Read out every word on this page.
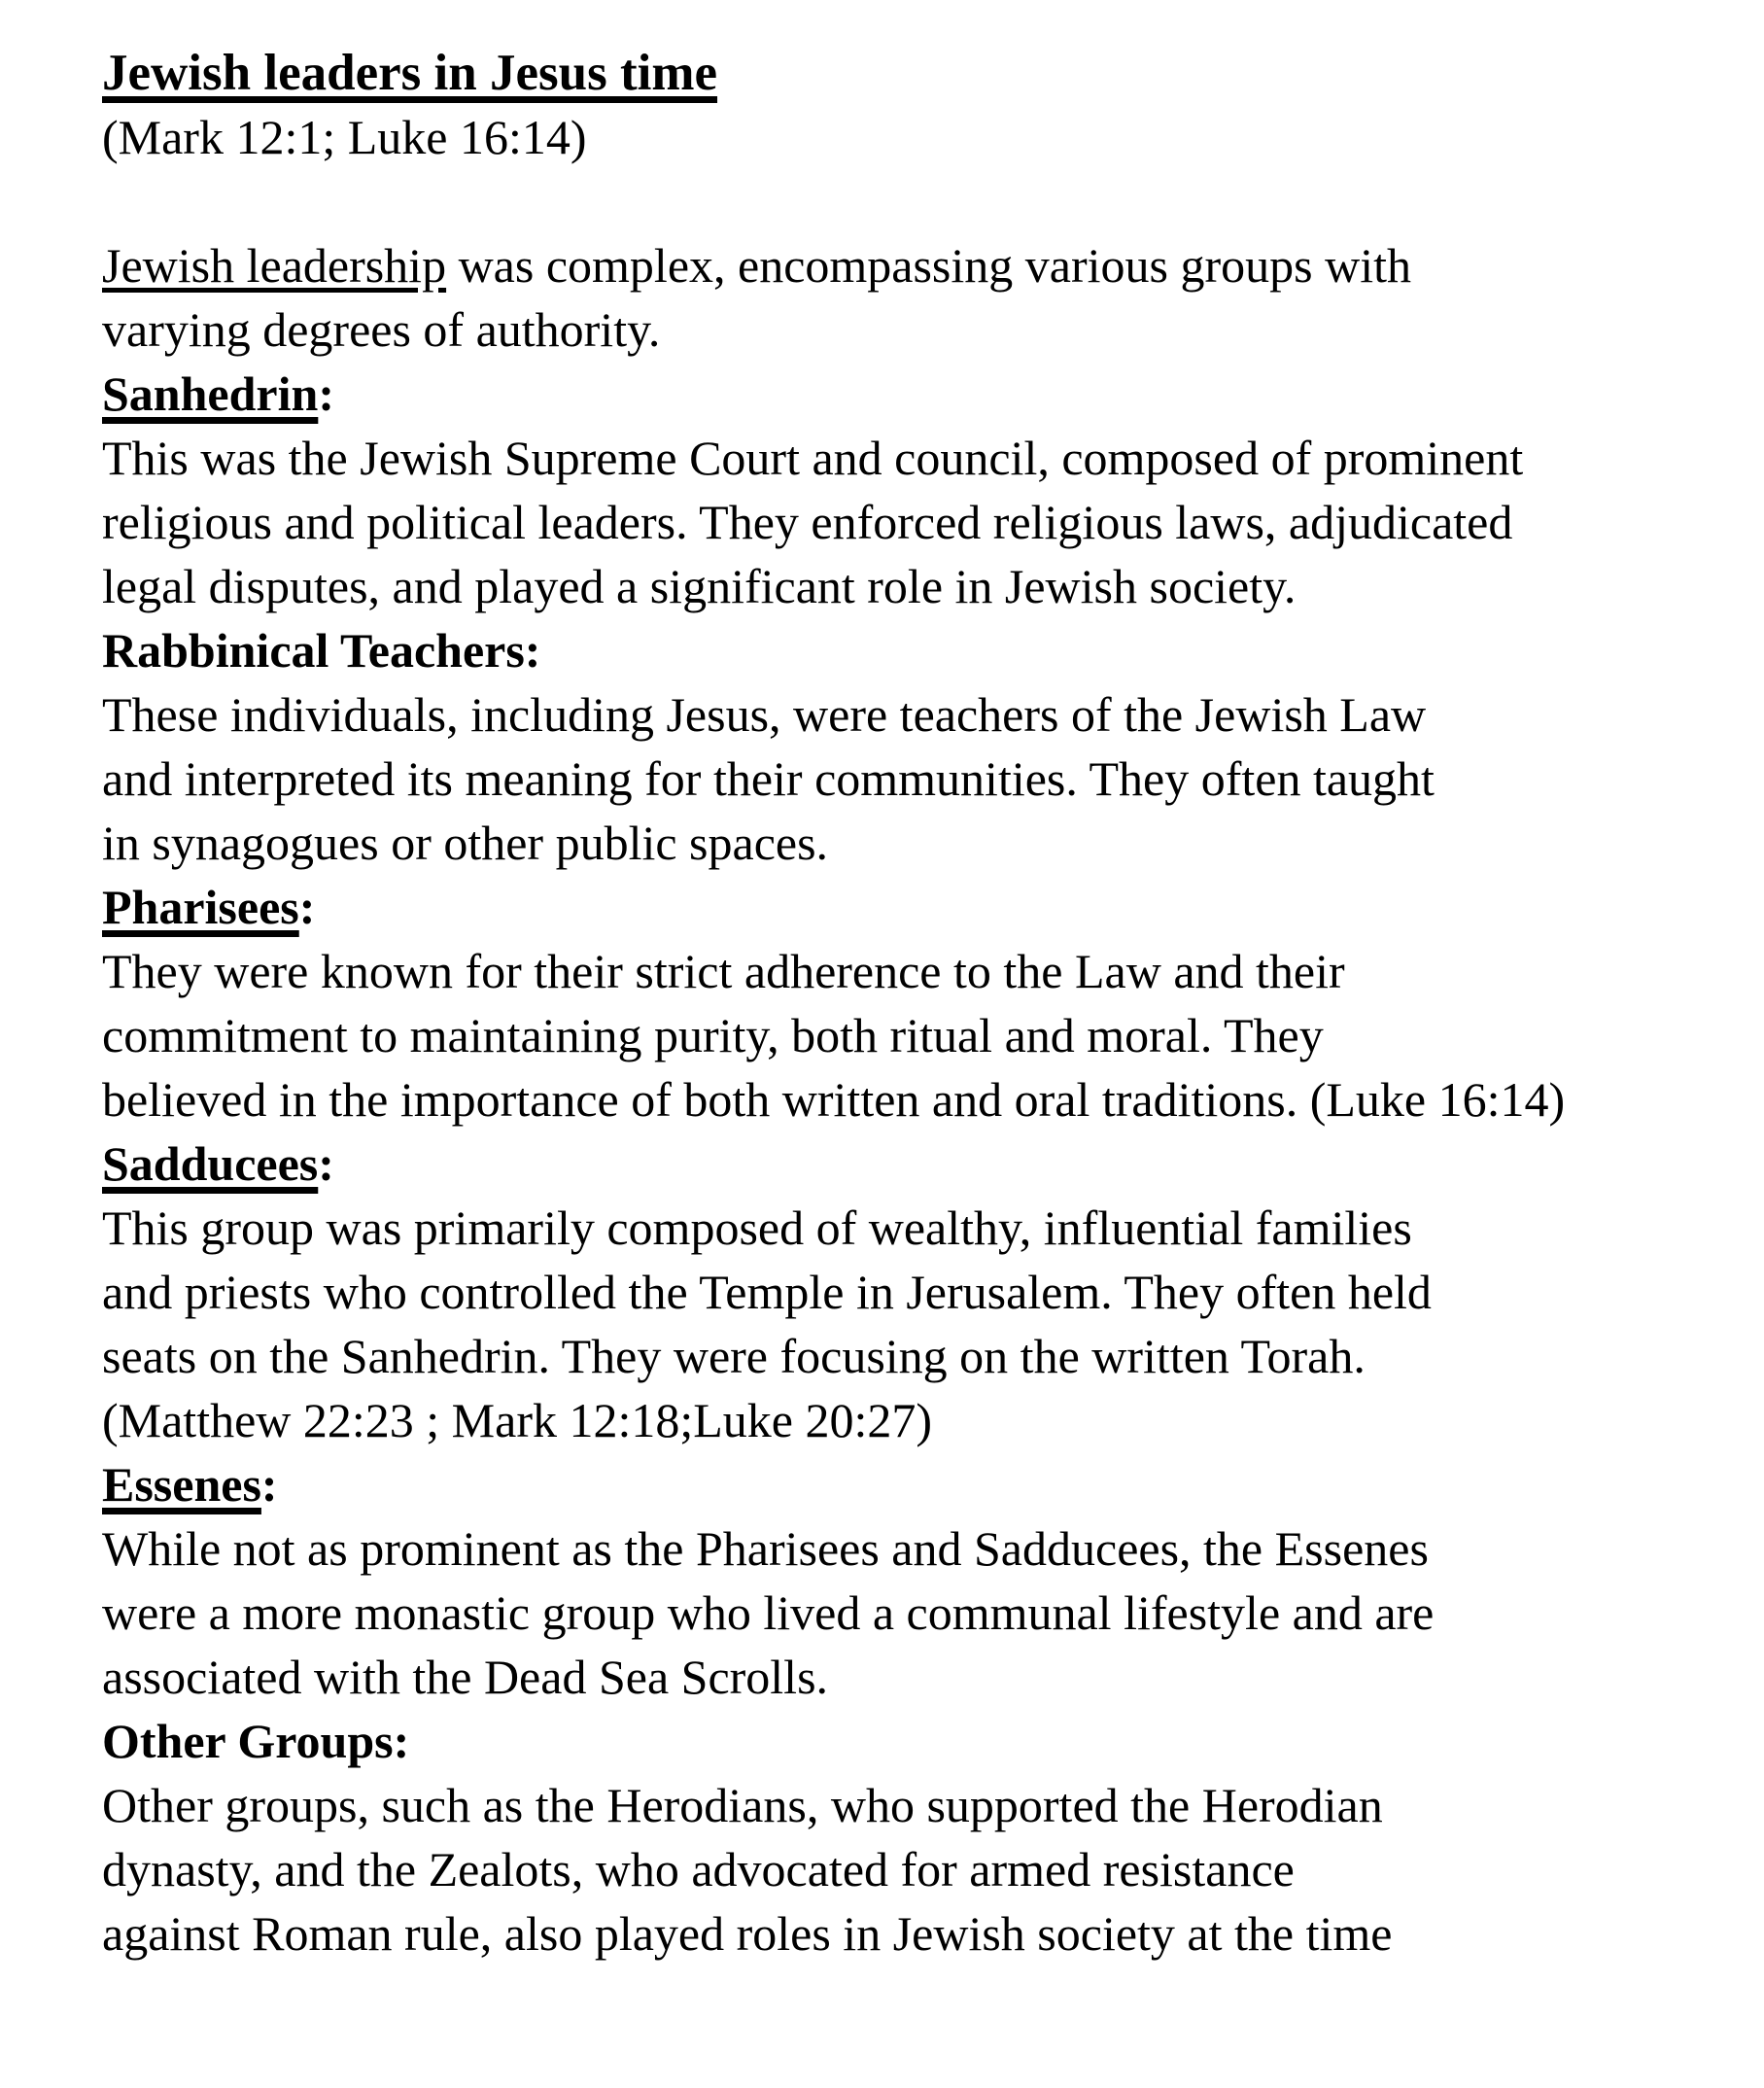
Jewish leaders in Jesus time
(Mark 12:1; Luke 16:14)
Jewish leadership was complex, encompassing various groups with
varying degrees of authority.
Sanhedrin:
This was the Jewish Supreme Court and council, composed of prominent
religious and political leaders. They enforced religious laws, adjudicated
legal disputes, and played a significant role in Jewish society.
Rabbinical Teachers:
These individuals, including Jesus, were teachers of the Jewish Law
and interpreted its meaning for their communities. They often taught
in synagogues or other public spaces.
Pharisees:
They were known for their strict adherence to the Law and their
commitment to maintaining purity, both ritual and moral. They
believed in the importance of both written and oral traditions. (Luke 16:14)
Sadducees:
This group was primarily composed of wealthy, influential families
and priests who controlled the Temple in Jerusalem. They often held
seats on the Sanhedrin. They were focusing on the written Torah.
(Matthew 22:23 ; Mark 12:18;Luke 20:27)
Essenes:
While not as prominent as the Pharisees and Sadducees, the Essenes
were a more monastic group who lived a communal lifestyle and are
associated with the Dead Sea Scrolls.
Other Groups:
Other groups, such as the Herodians, who supported the Herodian
dynasty, and the Zealots, who advocated for armed resistance
against Roman rule, also played roles in Jewish society at the time
